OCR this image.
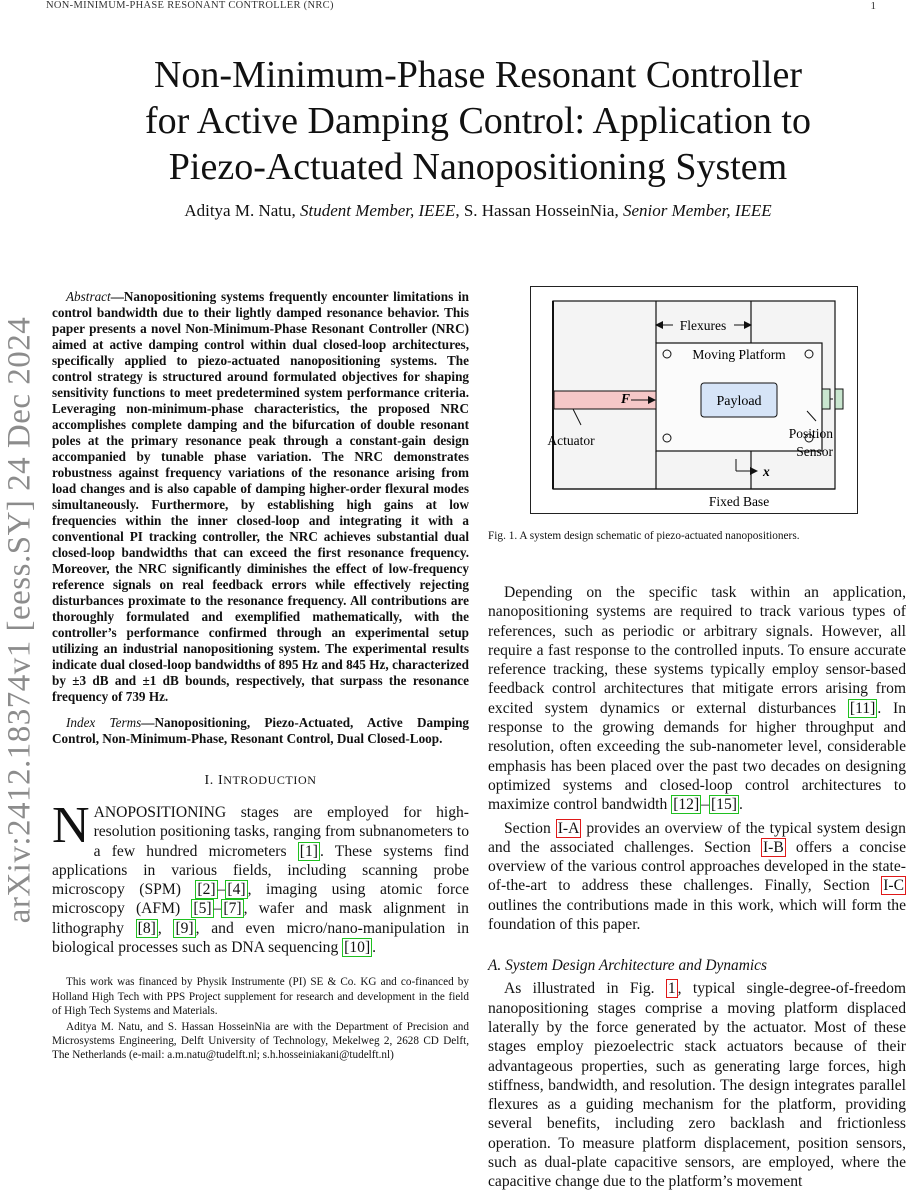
NON-MINIMUM-PHASE RESONANT CONTROLLER (NRC)	1
arXiv:2412.18374v1 [eess.SY] 24 Dec 2024
Non-Minimum-Phase Resonant Controller
for Active Damping Control: Application to
Piezo-Actuated Nanopositioning System
Aditya M. Natu, Student Member, IEEE, S. Hassan HosseinNia, Senior Member, IEEE

Abstract—Nanopositioning systems frequently encounter limitations in control bandwidth due to their lightly damped resonance behavior. This paper presents a novel Non-Minimum-Phase Resonant Controller (NRC) aimed at active damping control within dual closed-loop architectures, specifically applied to piezo-actuated nanopositioning systems. The control strategy is structured around formulated objectives for shaping sensitivity functions to meet predetermined system performance criteria. Leveraging non-minimum-phase characteristics, the proposed NRC accomplishes complete damping and the bifurcation of double resonant poles at the primary resonance peak through a constant-gain design accompanied by tunable phase variation. The NRC demonstrates robustness against frequency variations of the resonance arising from load changes and is also capable of damping higher-order flexural modes simultaneously. Furthermore, by establishing high gains at low frequencies within the inner closed-loop and integrating it with a conventional PI tracking controller, the NRC achieves substantial dual closed-loop bandwidths that can exceed the first resonance frequency. Moreover, the NRC significantly diminishes the effect of low-frequency reference signals on real feedback errors while effectively rejecting disturbances proximate to the resonance frequency. All contributions are thoroughly formulated and exemplified mathematically, with the controller’s performance confirmed through an experimental setup utilizing an industrial nanopositioning system. The experimental results indicate dual closed-loop bandwidths of 895 Hz and 845 Hz, characterized by ±3 dB and ±1 dB bounds, respectively, that surpass the resonance frequency of 739 Hz.

Index Terms—Nanopositioning, Piezo-Actuated, Active Damping Control, Non-Minimum-Phase, Resonant Control, Dual Closed-Loop.

I. INTRODUCTION

NANOPOSITIONING stages are employed for high-resolution positioning tasks, ranging from subnanometers to a few hundred micrometers [1] . These systems find applications in various fields, including scanning probe microscopy (SPM) [2] – [4] , imaging using atomic force microscopy (AFM) [5] – [7] , wafer and mask alignment in lithography [8] , [9] , and even micro/nano-manipulation in biological processes such as DNA sequencing [10] .

This work was financed by Physik Instrumente (PI) SE & Co. KG and co-financed by Holland High Tech with PPS Project supplement for research and development in the field of High Tech Systems and Materials.

Aditya M. Natu, and S. Hassan HosseinNia are with the Department of Precision and Microsystems Engineering, Delft University of Technology, Mekelweg 2, 2628 CD Delft, The Netherlands (e-mail: a.m.natu@tudelft.nl; s.h.hosseiniakani@tudelft.nl)

Flexures
Moving Platform
Payload
F
Actuator	Position
Sensor
x
Fixed Base

Fig. 1. A system design schematic of piezo-actuated nanopositioners.

Depending on the specific task within an application, nanopositioning systems are required to track various types of references, such as periodic or arbitrary signals. However, all require a fast response to the controlled inputs. To ensure accurate reference tracking, these systems typically employ sensor-based feedback control architectures that mitigate errors arising from excited system dynamics or external disturbances [11] . In response to the growing demands for higher throughput and resolution, often exceeding the sub-nanometer level, considerable emphasis has been placed over the past two decades on designing optimized systems and closed-loop control architectures to maximize control bandwidth [12] – [15] .

Section I-A provides an overview of the typical system design and the associated challenges. Section I-B offers a concise overview of the various control approaches developed in the state-of-the-art to address these challenges. Finally, Section I-C outlines the contributions made in this work, which will form the foundation of this paper.

A. System Design Architecture and Dynamics

As illustrated in Fig. 1 , typical single-degree-of-freedom nanopositioning stages comprise a moving platform displaced laterally by the force generated by the actuator. Most of these stages employ piezoelectric stack actuators because of their advantageous properties, such as generating large forces, high stiffness, bandwidth, and resolution. The design integrates parallel flexures as a guiding mechanism for the platform, providing several benefits, including zero backlash and frictionless operation. To measure platform displacement, position sensors, such as dual-plate capacitive sensors, are employed, where the capacitive change due to the platform’s movement
